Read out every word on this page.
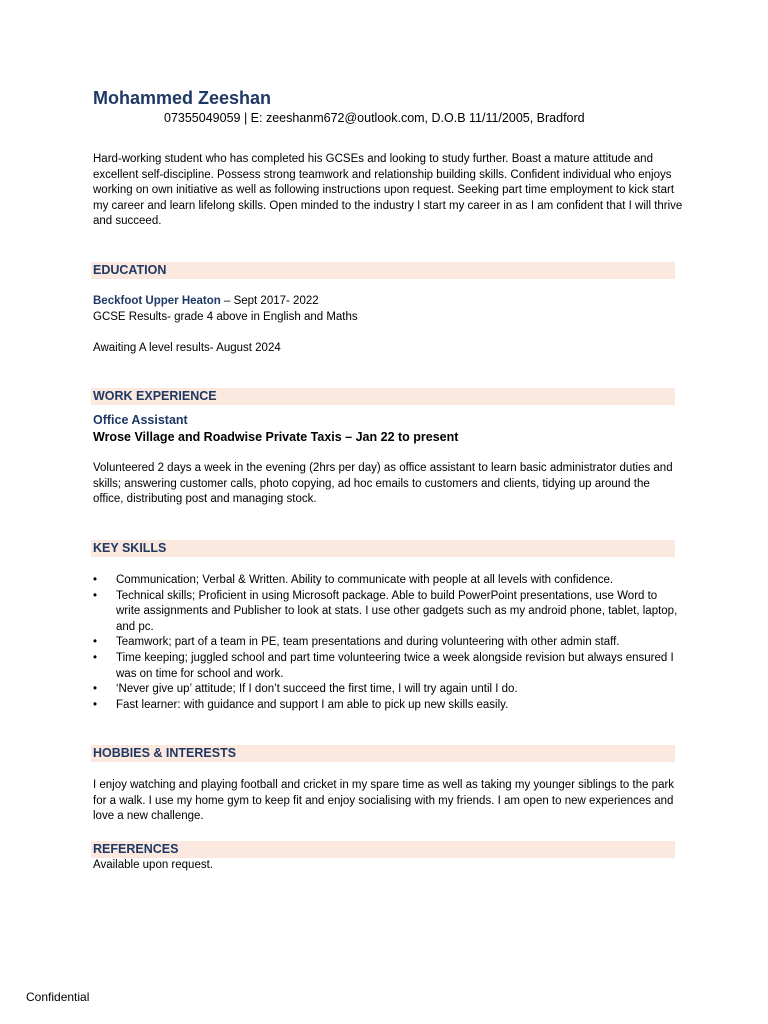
Mohammed Zeeshan
07355049059 | E: zeeshanm672@outlook.com, D.O.B 11/11/2005, Bradford
Hard-working student who has completed his GCSEs and looking to study further. Boast a mature attitude and excellent self-discipline. Possess strong teamwork and relationship building skills. Confident individual who enjoys working on own initiative as well as following instructions upon request. Seeking part time employment to kick start my career and learn lifelong skills. Open minded to the industry I start my career in as I am confident that I will thrive and succeed.
EDUCATION
Beckfoot Upper Heaton – Sept 2017- 2022
GCSE Results- grade 4 above in English and Maths
Awaiting A level results- August 2024
WORK EXPERIENCE
Office Assistant
Wrose Village and Roadwise Private Taxis – Jan 22 to present
Volunteered 2 days a week in the evening (2hrs per day) as office assistant to learn basic administrator duties and skills; answering customer calls, photo copying, ad hoc emails to customers and clients, tidying up around the office, distributing post and managing stock.
KEY SKILLS
• Communication; Verbal & Written. Ability to communicate with people at all levels with confidence.
• Technical skills; Proficient in using Microsoft package. Able to build PowerPoint presentations, use Word to write assignments and Publisher to look at stats. I use other gadgets such as my android phone, tablet, laptop, and pc.
• Teamwork; part of a team in PE, team presentations and during volunteering with other admin staff.
• Time keeping; juggled school and part time volunteering twice a week alongside revision but always ensured I was on time for school and work.
• ‘Never give up’ attitude; If I don’t succeed the first time, I will try again until I do.
• Fast learner: with guidance and support I am able to pick up new skills easily.
HOBBIES & INTERESTS
I enjoy watching and playing football and cricket in my spare time as well as taking my younger siblings to the park for a walk. I use my home gym to keep fit and enjoy socialising with my friends. I am open to new experiences and love a new challenge.
REFERENCES
Available upon request.
Confidential
